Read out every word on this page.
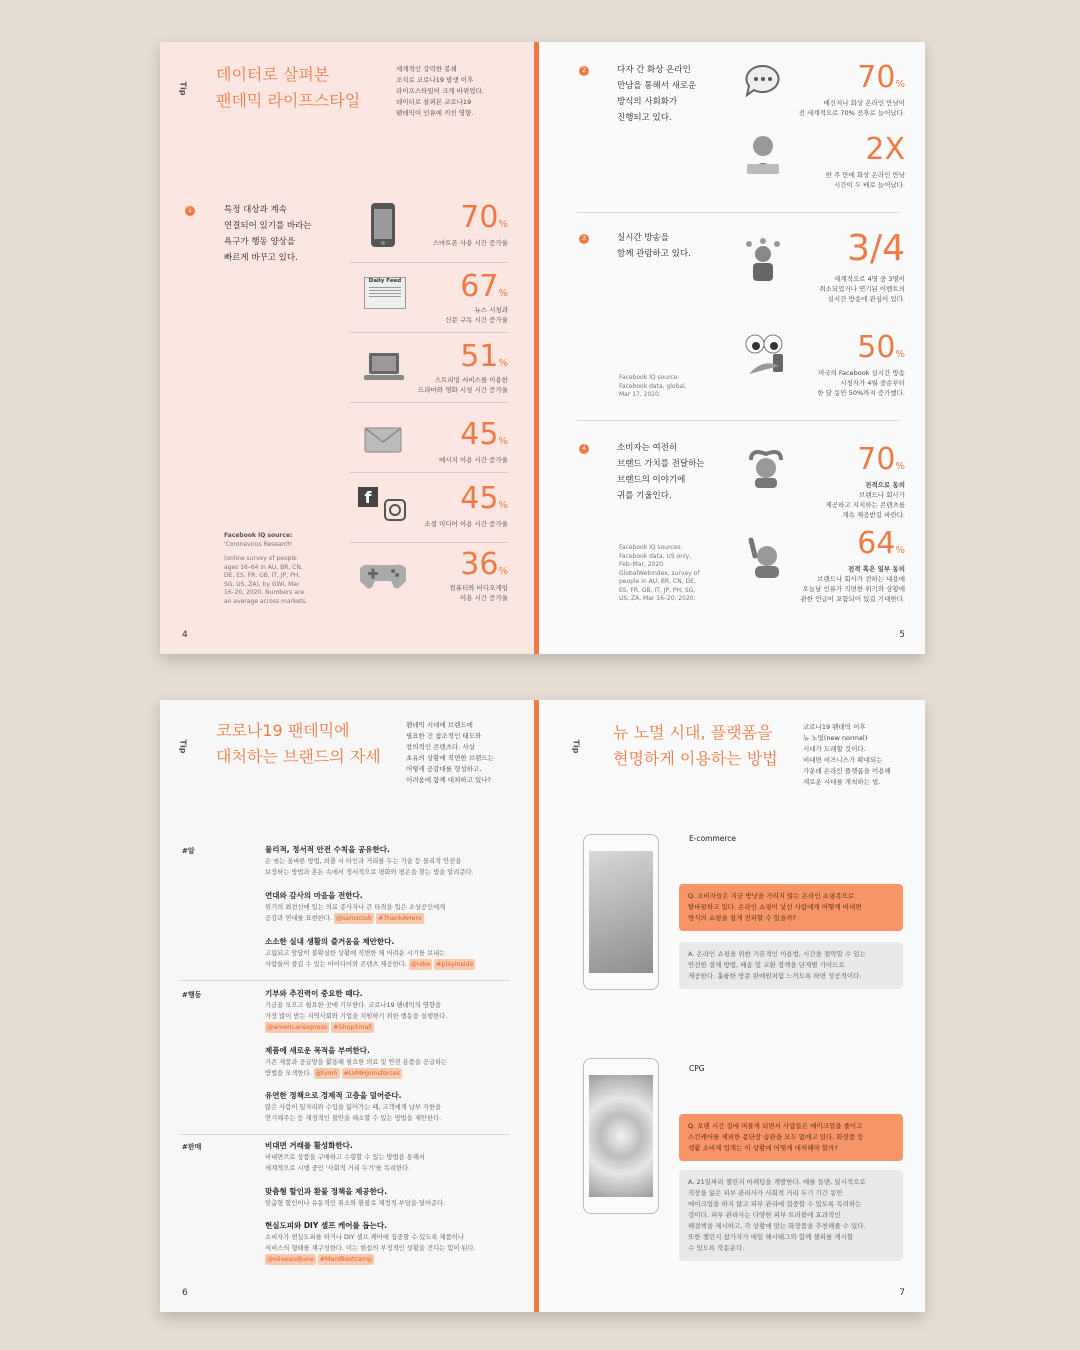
Tip
데이터로 살펴본
팬데믹 라이프스타일
세계적인 강력한 봉쇄
조치로 코로나19 발생 이후
라이프스타일이 크게 바뀌었다.
데이터로 살펴본 코로나19
팬데믹이 인류에 끼친 영향.
1	특정 대상과 계속
연결되어 있기를 바라는
욕구가 행동 양상을
빠르게 바꾸고 있다.
70%
스마트폰 사용 시간 증가율
Daily Feed 67%
뉴스 시청과
신문 구독 시간 증가율
51%
스트리밍 서비스를 이용한
드라마와 영화 시청 시간 증가율
45%
메시지 이용 시간 증가율
f	45%
소셜 미디어 이용 시간 증가율
36%
컴퓨터와 비디오게임
이용 시간 증가율
Facebook IQ source:
'Coronavirus Research'
(online survey of people
ages 16–64 in AU, BR, CN,
DE, ES, FR, GB, IT, JP, PH,
SG, US, ZA), by GWI, Mar
16–20, 2020. Numbers are
an average across markets.
4
2	다자 간 화상 온라인
만남을 통해서 새로운
방식의 사회화가
진행되고 있다.
70%
메신저나 화상 온라인 만남이
전 세계적으로 70% 전후로 늘어났다.
2X
한 주 만에 화상 온라인 만남
시간이 두 배로 늘어났다.
3	실시간 방송을
함께 관람하고 있다.	3/4
세계적으로 4명 중 3명이
취소되었거나 연기된 이벤트의
실시간 방송에 관심이 있다.
50%
미국의 Facebook 실시간 방송
시청자가 4월 중순부터
한 달 동안 50%까지 증가했다.
Facebook IQ source:
Facebook data, global,
Mar 17, 2020.
4	소비자는 여전히
브랜드 가치를 전달하는
브랜드의 이야기에
귀를 기울인다.
70%
전적으로 동의
브랜드나 회사가
제공하고 지지하는 콘텐츠를
계속 제공받길 바란다.
64%
전적 혹은 일부 동의
브랜드나 회사가 전하는 내용에
오늘날 인류가 직면한 위기와 상황에
관한 언급이 포함되어 있길 기대한다.
Facebook IQ sources:
Facebook data, US only,
Feb–Mar, 2020.
GlobalWebIndex, survey of
people in AU, BR, CN, DE,
ES, FR, GB, IT, JP, PH, SG,
US, ZA, Mar 16–20, 2020.
5
Tip
코로나19 팬데믹에
대처하는 브랜드의 자세
팬데믹 시대에 브랜드에
필요한 건 참조적인 태도와
창의적인 콘텐츠다. 사상
초유의 상황에 직면한 브랜드는
어떻게 공감대를 형성하고,
어려움에 함께 대처하고 있나?
#알	물리적, 정서적 안전 수칙을 공유한다.
손 씻는 올바른 방법, 외출 시 타인과 거리를 두는 기술 등 물리적 안전을
보장하는 방법과 혼돈 속에서 정서적으로 평화와 평온을 찾는 법을 알려준다.
연대와 감사의 마음을 전한다.
위기의 최전선에 있는 의료 종사자나 큰 타격을 입은 소상공인에게
공감과 연대를 표현한다. @samsclub #ThankAHero
소소한 실내 생활의 즐거움을 제안한다.
고립되고 암담이 불확실한 상황에 직면한 채 어려운 시기를 보내는
사람들이 즐길 수 있는 아이디어와 콘텐츠 제공한다. @nike #playinside
#행동	기부와 추진력이 중요한 때다.
기금을 모으고 필요한 곳에 기부한다. 코로나19 팬데믹의 영향을
가장 많이 받는 지역사회와 기업을 지원하기 위한 행동을 실행한다.
@americanexpress #ShopSmall
제품에 새로운 목적을 부여한다.
기존 제품과 공급망을 활용해 필요한 의료 및 안전 용품을 공급하는
방법을 모색한다. @lvmh #LVMHjoinsforces
유연한 정책으로 경제적 고충을 덜어준다.
많은 사람이 일자리와 수입을 잃어가는 때, 고객에게 납부 기한을
연기해주는 등 재정적인 불안을 해소할 수 있는 방법을 제안한다.
#판매	비대면 거래를 활성화한다.
비대면으로 상품을 구매하고 수령할 수 있는 방법을 통해서
세계적으로 시행 중인 '사회적 거리 두기'를 독려한다.
맞춤형 할인과 환불 정책을 제공한다.
맞춤형 할인이나 유동적인 취소와 환불로 재정적 부담을 덜어준다.
현실도피와 DIY 셀프 케어를 돕는다.
소비자가 현실도피를 하거나 DIY 셀프 케어에 집중할 수 있도록 제품이나
서비스의 형태를 재구성한다. 이는 현실의 부정적인 상황을 견디는 힘이 된다.
@oliveandjune #ManiBootcamp
6
Tip
뉴 노멀 시대, 플랫폼을
현명하게 이용하는 방법
코로나19 팬데믹 이후
뉴 노멀(new normal)
시대가 도래할 것이다.
비대면 비즈니스가 확대되는
가운데 온라인 플랫폼을 이용해
새로운 시대를 개척하는 법.
E-commerce
Q. 소비자들은 지금 방낭을 가리지 않는 온라인 쇼핑족으로
탈바꿈하고 있다. 온라인 쇼핑이 낯선 사람에게 어떻게 비대면
방식의 쇼핑을 쉽게 전파할 수 있을까?
A. 온라인 쇼핑을 위한 기본적인 이용법, 시간을 절약할 수 있는
안전한 결제 방법, 배송 및 교환 정책을 단계별 가이드로
제공한다. 훌륭한 방문 판매원처럼 느끼도록 하면 성공적이다.
CPG
Q. 오랜 시간 집에 머물게 되면서 사람들은 메이크업을 줄이고
스킨케어를 제외한 몸단장 습관을 모두 없애고 있다. 화장품 등
생활 소비재 업계는 이 상황에 어떻게 대처해야 할까?
A. 21일짜리 챌린지 마케팅을 개발한다. 예를 들면, 일시적으로
직장을 잃은 피부 관리사가 사회적 거리 두기 기간 동안
메이크업을 하지 않고 피부 관리에 집중할 수 있도록 독려하는
것이다. 피부 관리사는 다양한 피부 트러블에 효과적인
해결책을 제시하고, 각 상황에 맞는 화장품을 추천해줄 수 있다.
또한 챌린지 참가자가 매일 해시태그와 함께 셀피를 게시할
수 있도록 북돋운다.
7
